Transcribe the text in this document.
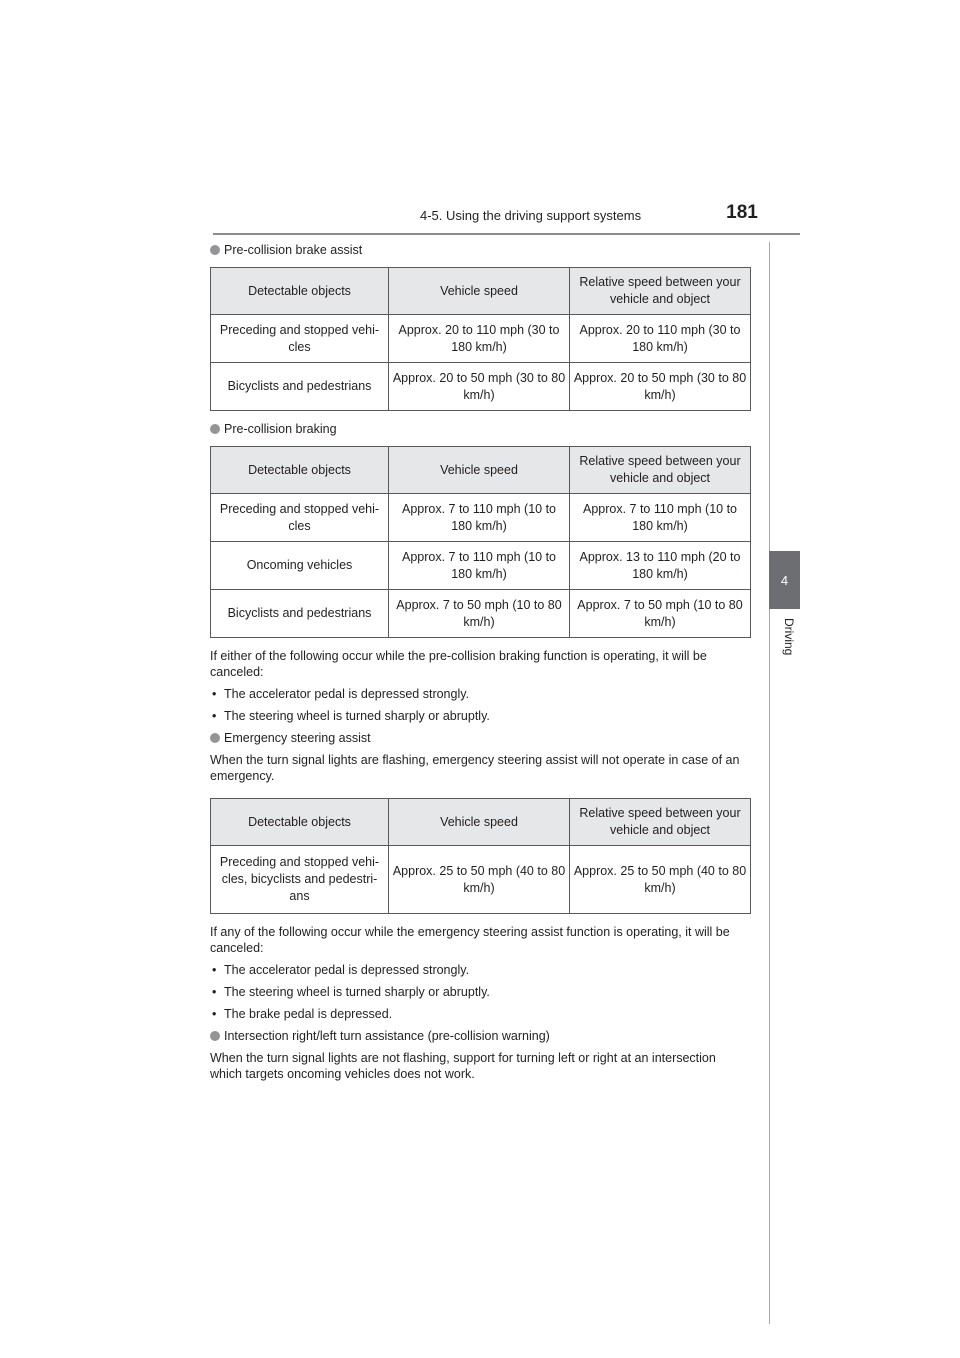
4-5. Using the driving support systems	181
4
Driving
Pre-collision brake assist
Detectable objects	Vehicle speed	Relative speed between your vehicle and object
Preceding and stopped vehi-cles	Approx. 20 to 110 mph (30 to 180 km/h)	Approx. 20 to 110 mph (30 to 180 km/h)
Bicyclists and pedestrians	Approx. 20 to 50 mph (30 to 80 km/h)	Approx. 20 to 50 mph (30 to 80 km/h)
Pre-collision braking
Detectable objects	Vehicle speed	Relative speed between your vehicle and object
Preceding and stopped vehi-cles	Approx. 7 to 110 mph (10 to 180 km/h)	Approx. 7 to 110 mph (10 to 180 km/h)
Oncoming vehicles	Approx. 7 to 110 mph (10 to 180 km/h)	Approx. 13 to 110 mph (20 to 180 km/h)
Bicyclists and pedestrians	Approx. 7 to 50 mph (10 to 80 km/h)	Approx. 7 to 50 mph (10 to 80 km/h)

If either of the following occur while the pre-collision braking function is operating, it will be canceled:

• The accelerator pedal is depressed strongly.
• The steering wheel is turned sharply or abruptly.
Emergency steering assist

When the turn signal lights are flashing, emergency steering assist will not operate in case of an emergency.

Detectable objects	Vehicle speed	Relative speed between your vehicle and object
Preceding and stopped vehi-cles, bicyclists and pedestri-ans	Approx. 25 to 50 mph (40 to 80 km/h)	Approx. 25 to 50 mph (40 to 80 km/h)

If any of the following occur while the emergency steering assist function is operating, it will be canceled:

• The accelerator pedal is depressed strongly.
• The steering wheel is turned sharply or abruptly.
• The brake pedal is depressed.
Intersection right/left turn assistance (pre-collision warning)

When the turn signal lights are not flashing, support for turning left or right at an intersection which targets oncoming vehicles does not work.
